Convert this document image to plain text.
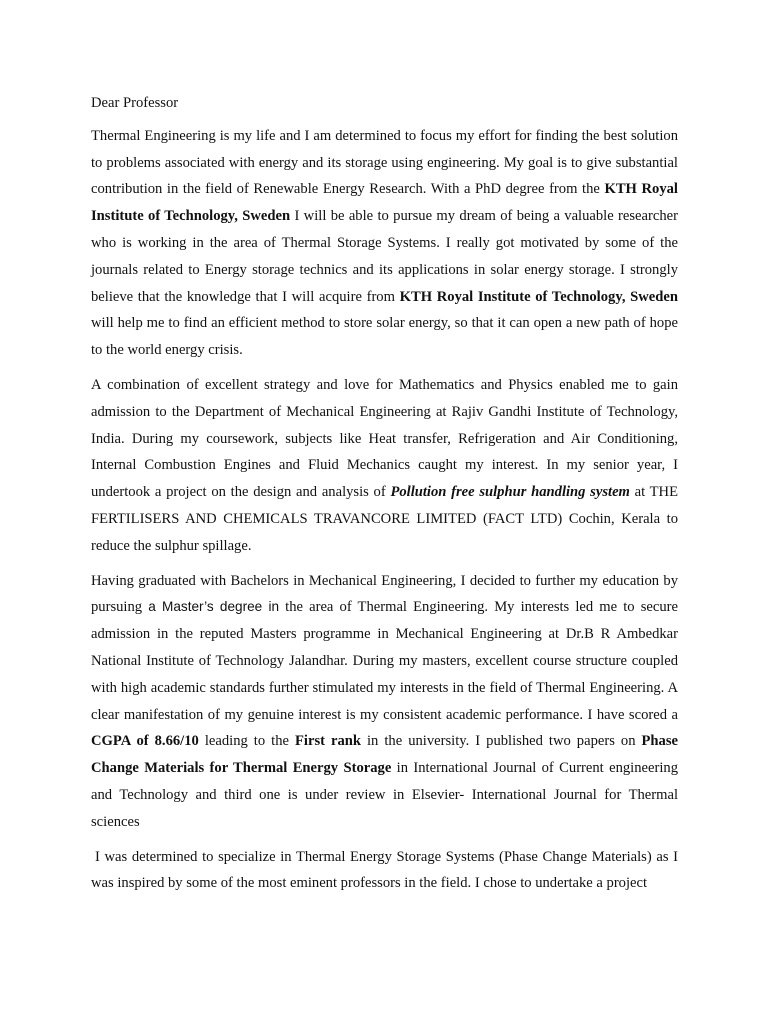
Dear Professor

Thermal Engineering is my life and I am determined to focus my effort for finding the best solution to problems associated with energy and its storage using engineering. My goal is to give substantial contribution in the field of Renewable Energy Research. With a PhD degree from the KTH Royal Institute of Technology, Sweden I will be able to pursue my dream of being a valuable researcher who is working in the area of Thermal Storage Systems. I really got motivated by some of the journals related to Energy storage technics and its applications in solar energy storage. I strongly believe that the knowledge that I will acquire from KTH Royal Institute of Technology, Sweden will help me to find an efficient method to store solar energy, so that it can open a new path of hope to the world energy crisis.

A combination of excellent strategy and love for Mathematics and Physics enabled me to gain admission to the Department of Mechanical Engineering at Rajiv Gandhi Institute of Technology, India. During my coursework, subjects like Heat transfer, Refrigeration and Air Conditioning, Internal Combustion Engines and Fluid Mechanics caught my interest. In my senior year, I undertook a project on the design and analysis of Pollution free sulphur handling system at THE FERTILISERS AND CHEMICALS TRAVANCORE LIMITED (FACT LTD) Cochin, Kerala to reduce the sulphur spillage.

Having graduated with Bachelors in Mechanical Engineering, I decided to further my education by pursuing a Master’s degree in the area of Thermal Engineering. My interests led me to secure admission in the reputed Masters programme in Mechanical Engineering at Dr.B R Ambedkar National Institute of Technology Jalandhar. During my masters, excellent course structure coupled with high academic standards further stimulated my interests in the field of Thermal Engineering. A clear manifestation of my genuine interest is my consistent academic performance. I have scored a CGPA of 8.66/10 leading to the First rank in the university. I published two papers on Phase Change Materials for Thermal Energy Storage in International Journal of Current engineering and Technology and third one is under review in Elsevier- International Journal for Thermal sciences

I was determined to specialize in Thermal Energy Storage Systems (Phase Change Materials) as I was inspired by some of the most eminent professors in the field. I chose to undertake a project
